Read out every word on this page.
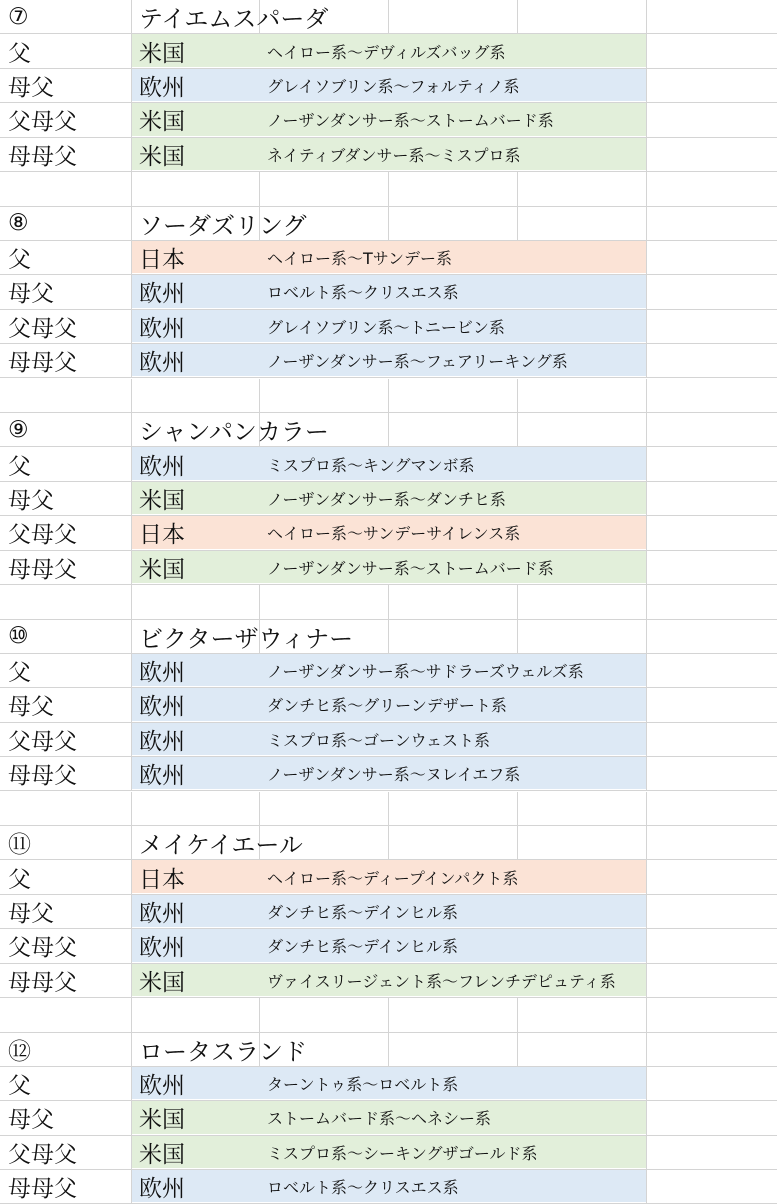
⑦	テイエムスパーダ
父	米国	ヘイロー系～デヴィルズバッグ系
母父	欧州	グレイソブリン系～フォルティノ系
父母父	米国	ノーザンダンサー系～ストームバード系
母母父	米国	ネイティブダンサー系～ミスプロ系
⑧	ソーダズリング
父	日本	ヘイロー系～Tサンデー系
母父	欧州	ロベルト系～クリスエス系
父母父	欧州	グレイソブリン系～トニービン系
母母父	欧州	ノーザンダンサー系～フェアリーキング系
⑨	シャンパンカラー
父	欧州	ミスプロ系～キングマンボ系
母父	米国	ノーザンダンサー系～ダンチヒ系
父母父	日本	ヘイロー系～サンデーサイレンス系
母母父	米国	ノーザンダンサー系～ストームバード系
⑩	ビクターザウィナー
父	欧州	ノーザンダンサー系～サドラーズウェルズ系
母父	欧州	ダンチヒ系～グリーンデザート系
父母父	欧州	ミスプロ系～ゴーンウェスト系
母母父	欧州	ノーザンダンサー系～ヌレイエフ系
⑪	メイケイエール
父	日本	ヘイロー系～ディープインパクト系
母父	欧州	ダンチヒ系～デインヒル系
父母父	欧州	ダンチヒ系～デインヒル系
母母父	米国	ヴァイスリージェント系～フレンチデピュティ系
⑫	ロータスランド
父	欧州	ターントゥ系～ロベルト系
母父	米国	ストームバード系～ヘネシー系
父母父	米国	ミスプロ系～シーキングザゴールド系
母母父	欧州	ロベルト系～クリスエス系
